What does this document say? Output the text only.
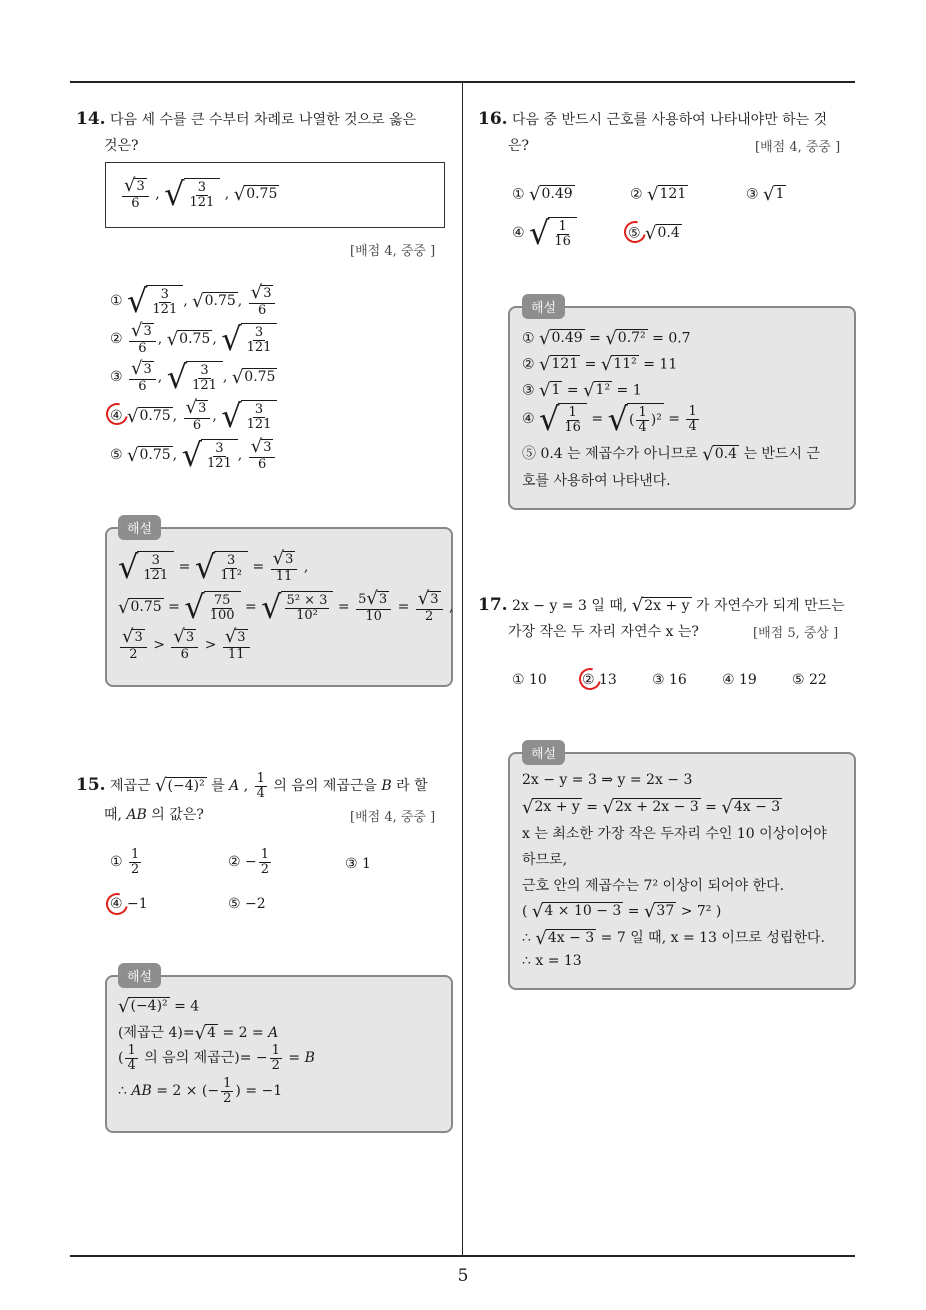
5
14. 다음 세 수를 큰 수부터 차례로 나열한 것으로 옳은
것은?
$\frac{√ 3}{6}$ , √ $\frac{3}{121}$ , √ 0.75
[배점 4, 중중 ]
① √ $\frac{3}{121}$ , √ 0.75 , $\frac{√ 3}{6}$
② $\frac{√ 3}{6}$ , √ 0.75 , √ $\frac{3}{121}$
③ $\frac{√ 3}{6}$ , √ $\frac{3}{121}$ , √ 0.75
④ √ 0.75 , $\frac{√ 3}{6}$ , √ $\frac{3}{121}$
⑤ √ 0.75 , √ $\frac{3}{121}$ , $\frac{√ 3}{6}$
해설
√ $\frac{3}{121}$ = √ $\frac{3}{\text{11²}} = \frac{√ 3}{11}$ ,
√ 0.75 = √ $\frac{75}{100}$ = √ $\frac{\text{5² × 3}}{\text{10²}} = \frac{5 √ 3}{10} = \frac{√ 3}{2}$ ,
$\frac{√ 3}{2} > \frac{√ 3}{6} > \frac{√ 3}{11}$
15. 제곱근 √ (−4)² 를 A , $\frac{1}{4}$ 의 음의 제곱근을 B 라 할
때, AB 의 값은?	[배점 4, 중중 ]
① $\frac{1}{2}$	② − $\frac{1}{2}$	③ 1
④ −1	⑤ −2
해설
√ (−4)² = 4
(제곱근 4)= √ 4 = 2 = A
( $\frac{1}{4}$ 의 음의 제곱근)= − $\frac{1}{2} = B$
∴ AB = 2 × (− $\frac{1}{2}$ ) = −1
16. 다음 중 반드시 근호를 사용하여 나타내야만 하는 것
은?	[배점 4, 중중 ]
① √ 0.49	② √ 121	③ √ 1
④ √ $\frac{1}{16}$	⑤ √ 0.4
해설
① √ 0.49 = √ 0.7² = 0.7
② √ 121 = √ 11² = 11
③ √ 1 = √ 1² = 1
④ √ $\frac{1}{16}$ = √ ( $\frac{1}{4} )^2 = \frac{1}{4}$
⑤ 0.4 는 제곱수가 아니므로 √ 0.4 는 반드시 근
호를 사용하여 나타낸다.
17. 2x − y = 3 일 때, √ 2x + y 가 자연수가 되게 만드는
가장 작은 두 자리 자연수 x 는?	[배점 5, 중상 ]
① 10	② 13	③ 16	④ 19	⑤ 22
해설
2x − y = 3 ⇒ y = 2x − 3
√ 2x + y = √ 2x + 2x − 3 = √ 4x − 3
x 는 최소한 가장 작은 두자리 수인 10 이상이어야
하므로,
근호 안의 제곱수는 7² 이상이 되어야 한다.
( √ 4 × 10 − 3 = √ 37 > 7² )
∴ √ 4x − 3 = 7 일 때, x = 13 이므로 성립한다.
∴ x = 13
